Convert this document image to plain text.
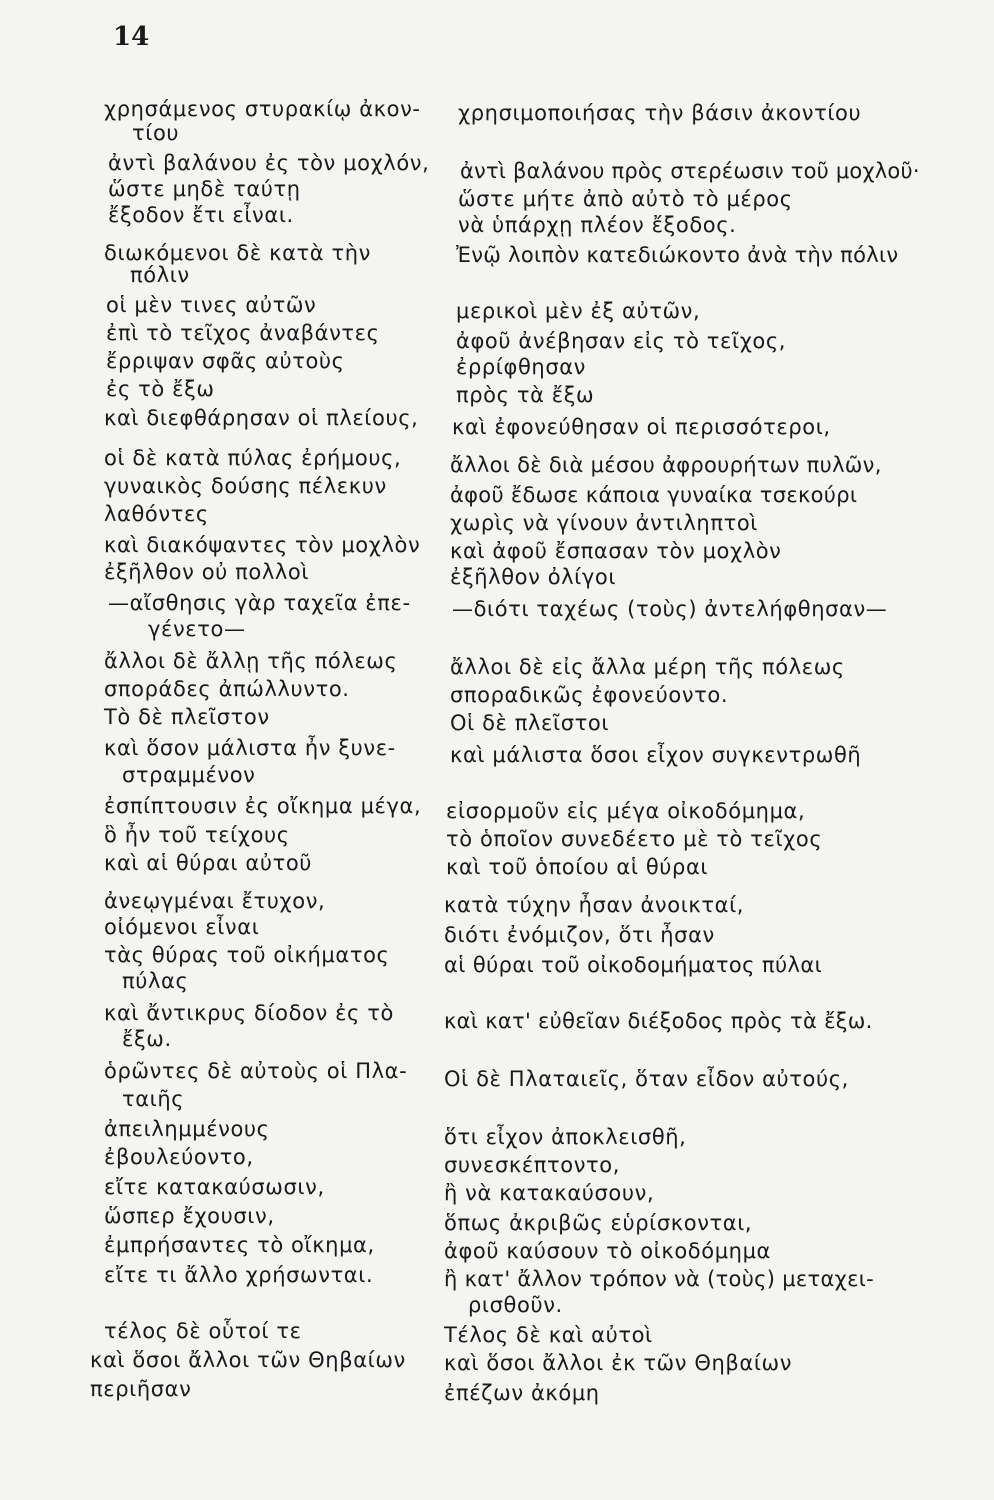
14
χρησάμενος στυρακίῳ ἀκον-
τίου
ἀντὶ βαλάνου ἐς τὸν μοχλόν,
ὥστε μηδὲ ταύτῃ
ἔξοδον ἔτι εἶναι.
διωκόμενοι δὲ κατὰ τὴν
πόλιν
οἱ μὲν τινες αὐτῶν
ἐπὶ τὸ τεῖχος ἀναβάντες
ἔρριψαν σφᾶς αὐτοὺς
ἐς τὸ ἔξω
καὶ διεφθάρησαν οἱ πλείους,
οἱ δὲ κατὰ πύλας ἐρήμους,
γυναικὸς δούσης πέλεκυν
λαθόντες
καὶ διακόψαντες τὸν μοχλὸν
ἐξῆλθον οὐ πολλοὶ
—αἴσθησις γὰρ ταχεῖα ἐπε-
γένετο—
ἄλλοι δὲ ἄλλῃ τῆς πόλεως
σποράδες ἀπώλλυντο.
Τὸ δὲ πλεῖστον
καὶ ὅσον μάλιστα ἦν ξυνε-
στραμμένον
ἐσπίπτουσιν ἐς οἴκημα μέγα,
ὃ ἦν τοῦ τείχους
καὶ αἱ θύραι αὐτοῦ
ἀνεῳγμέναι ἔτυχον,
οἰόμενοι εἶναι
τὰς θύρας τοῦ οἰκήματος
πύλας
καὶ ἄντικρυς δίοδον ἐς τὸ
ἔξω.
ὁρῶντες δὲ αὐτοὺς οἱ Πλα-
ταιῆς
ἀπειλημμένους
ἐβουλεύοντο,
εἴτε κατακαύσωσιν,
ὥσπερ ἔχουσιν,
ἐμπρήσαντες τὸ οἴκημα,
εἴτε τι ἄλλο χρήσωνται.
τέλος δὲ οὗτοί τε
καὶ ὅσοι ἄλλοι τῶν Θηβαίων
περιῆσαν
χρησιμοποιήσας τὴν βάσιν ἀκοντίου
ἀντὶ βαλάνου πρὸς στερέωσιν τοῦ μοχλοῦ·
ὥστε μήτε ἀπὸ αὐτὸ τὸ μέρος
νὰ ὑπάρχῃ πλέον ἔξοδος.
Ἐνῷ λοιπὸν κατεδιώκοντο ἀνὰ τὴν πόλιν
μερικοὶ μὲν ἐξ αὐτῶν,
ἀφοῦ ἀνέβησαν εἰς τὸ τεῖχος,
ἐρρίφθησαν
πρὸς τὰ ἔξω
καὶ ἐφονεύθησαν οἱ περισσότεροι,
ἄλλοι δὲ διὰ μέσου ἀφρουρήτων πυλῶν,
ἀφοῦ ἔδωσε κάποια γυναίκα τσεκούρι
χωρὶς νὰ γίνουν ἀντιληπτοὶ
καὶ ἀφοῦ ἔσπασαν τὸν μοχλὸν
ἐξῆλθον ὀλίγοι
—διότι ταχέως (τοὺς) ἀντελήφθησαν—
ἄλλοι δὲ εἰς ἄλλα μέρη τῆς πόλεως
σποραδικῶς ἐφονεύοντο.
Οἱ δὲ πλεῖστοι
καὶ μάλιστα ὅσοι εἶχον συγκεντρωθῆ
εἰσορμοῦν εἰς μέγα οἰκοδόμημα,
τὸ ὁποῖον συνεδέετο μὲ τὸ τεῖχος
καὶ τοῦ ὁποίου αἱ θύραι
κατὰ τύχην ἦσαν ἀνοικταί,
διότι ἐνόμιζον, ὅτι ἦσαν
αἱ θύραι τοῦ οἰκοδομήματος πύλαι
καὶ κατ' εὐθεῖαν διέξοδος πρὸς τὰ ἔξω.
Οἱ δὲ Πλαταιεῖς, ὅταν εἶδον αὐτούς,
ὅτι εἶχον ἀποκλεισθῆ,
συνεσκέπτοντο,
ἢ νὰ κατακαύσουν,
ὅπως ἀκριβῶς εὑρίσκονται,
ἀφοῦ καύσουν τὸ οἰκοδόμημα
ἢ κατ' ἄλλον τρόπον νὰ (τοὺς) μεταχει-
ρισθοῦν.
Τέλος δὲ καὶ αὐτοὶ
καὶ ὅσοι ἄλλοι ἐκ τῶν Θηβαίων
ἐπέζων ἀκόμη
